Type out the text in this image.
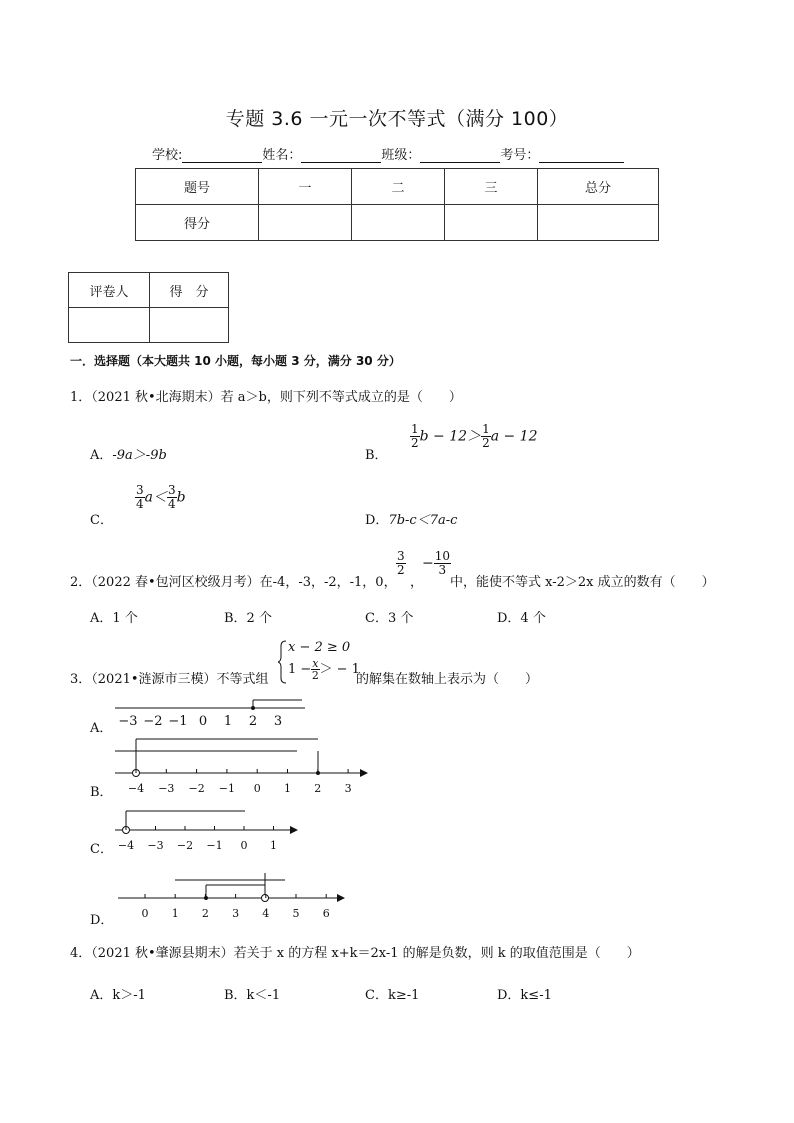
专题 3.6 一元一次不等式（满分 100）
学校:	姓名：	班级：	考号：
题号	一	二	三	总分
得分				
评卷人	得　分

一．选择题（本大题共 10 小题，每小题 3 分，满分 30 分）
1．（2021 秋•北海期末）若 a＞b，则下列不等式成立的是（　　）
A．-9a＞-9b	B．
$\frac{1}{2}$ $b - 12> \frac{1}{2}$ a − 12
C．
$\frac{3}{4} a< \frac{3}{4}$ b
D．7b-c＜7a-c
2．（2022 春•包河区校级月考）在-4，-3，-2，-1，0，
$\frac{3}{2}$
，
− $\frac{10}{3}$
中，能使不等式 x-2＞2x 成立的数有（　　）
A．1 个	B．2 个	C．3 个	D．4 个
3．（2021•涟源市三模）不等式组
x − 2 ≥ 0
$1 - \frac{x}{2}$ ＞ − 1
的解集在数轴上表示为（　　）
A．
B．
C．
D．
−3 −2 −1 0 1 2 3
−4 −3 −2 −1 0 1 2 3
−4 −3 −2 −1 0 1
0 1 2 3 4 5 6
4．（2021 秋•肇源县期末）若关于 x 的方程 x+k＝2x-1 的解是负数，则 k 的取值范围是（　　）
A．k＞-1	B．k＜-1	C．k≥-1	D．k≤-1
